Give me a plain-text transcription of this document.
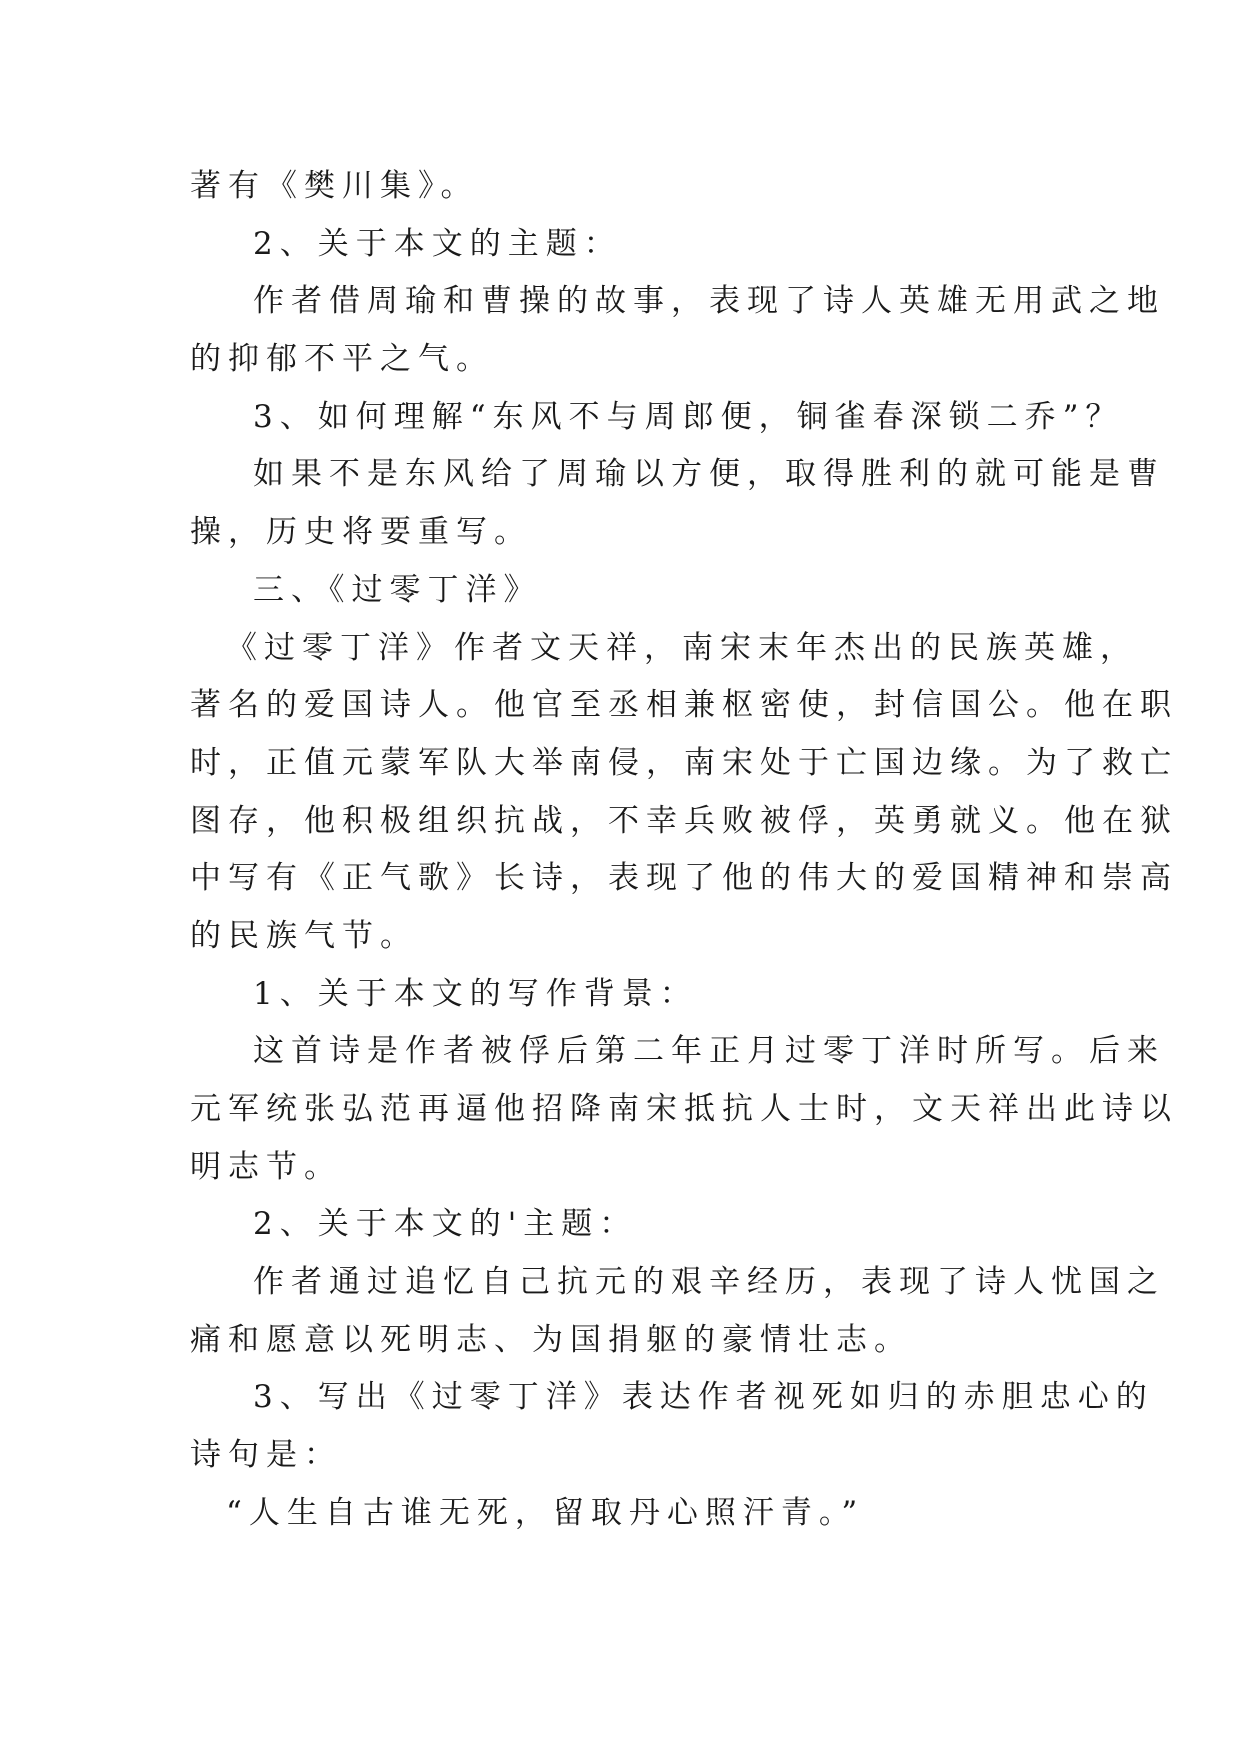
著有《樊川集》。
2、关于本文的主题：
作者借周瑜和曹操的故事，表现了诗人英雄无用武之地
的抑郁不平之气。
3、如何理解“东风不与周郎便，铜雀春深锁二乔”？
如果不是东风给了周瑜以方便，取得胜利的就可能是曹
操，历史将要重写。
三、《过零丁洋》
《过零丁洋》作者文天祥，南宋末年杰出的民族英雄，
著名的爱国诗人。他官至丞相兼枢密使，封信国公。他在职
时，正值元蒙军队大举南侵，南宋处于亡国边缘。为了救亡
图存，他积极组织抗战，不幸兵败被俘，英勇就义。他在狱
中写有《正气歌》长诗，表现了他的伟大的爱国精神和崇高
的民族气节。
1、关于本文的写作背景：
这首诗是作者被俘后第二年正月过零丁洋时所写。后来
元军统张弘范再逼他招降南宋抵抗人士时，文天祥出此诗以
明志节。
2、关于本文的'主题：
作者通过追忆自己抗元的艰辛经历，表现了诗人忧国之
痛和愿意以死明志、为国捐躯的豪情壮志。
3、写出《过零丁洋》表达作者视死如归的赤胆忠心的
诗句是：
“人生自古谁无死，留取丹心照汗青。”
